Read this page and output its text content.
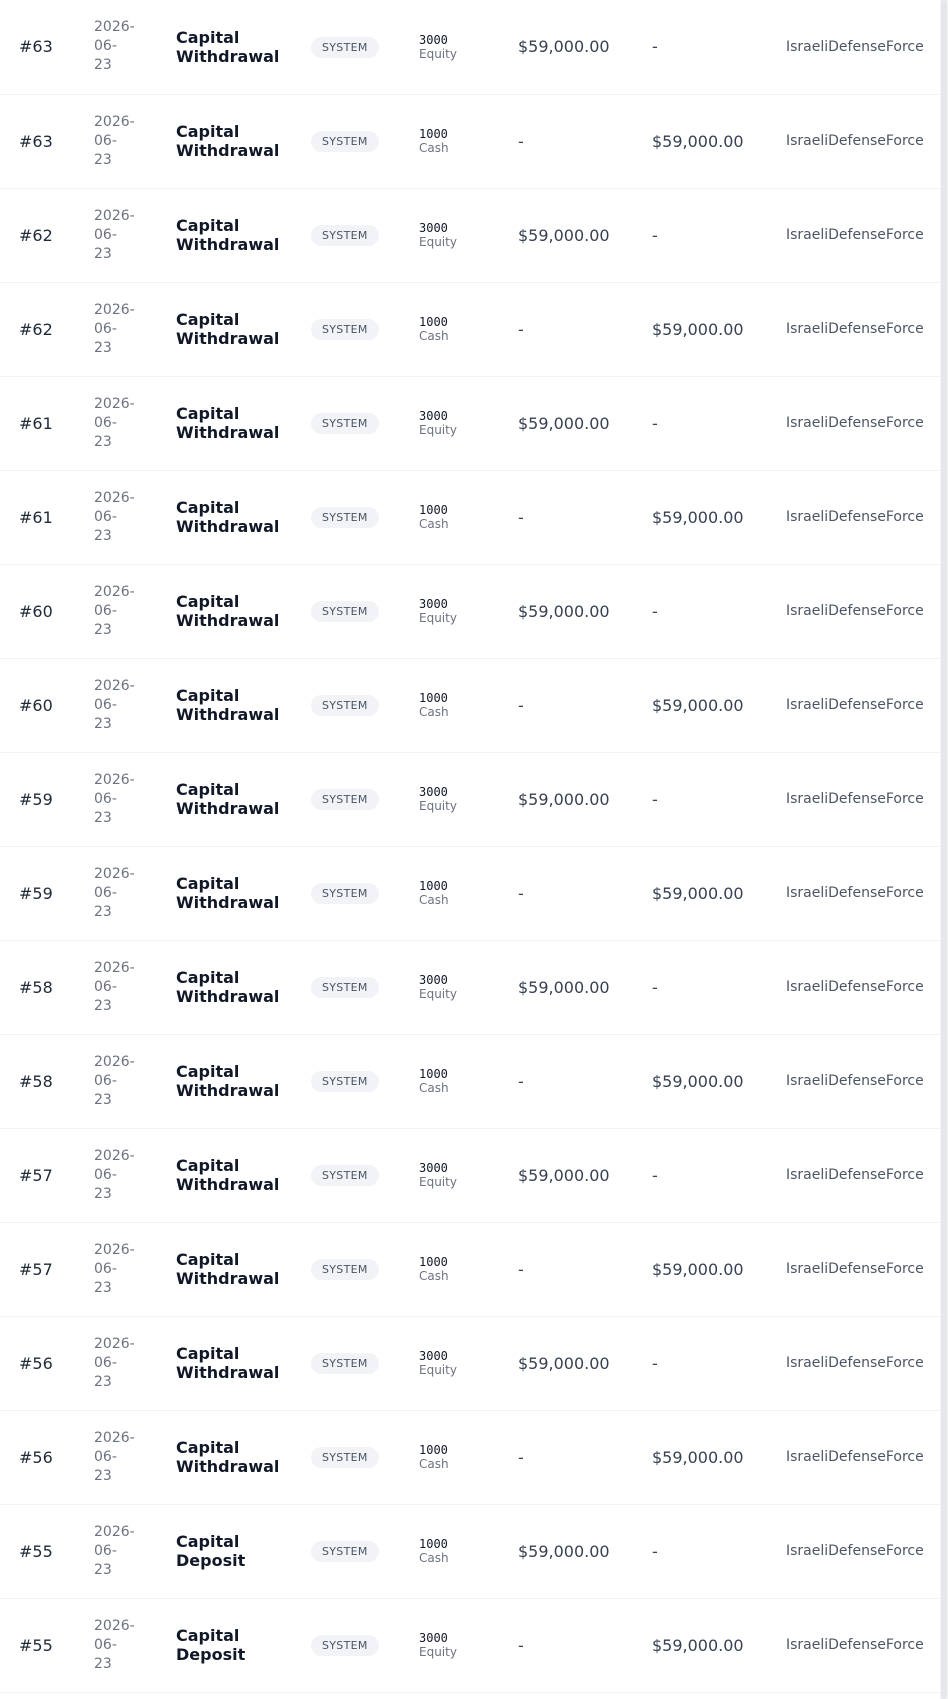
#63	2026-
06-
23	Capital
Withdrawal	SYSTEM	3000
Equity	$59,000.00	-	IsraeliDefenseForce
#63	2026-
06-
23	Capital
Withdrawal	SYSTEM	1000
Cash	-	$59,000.00	IsraeliDefenseForce
#62	2026-
06-
23	Capital
Withdrawal	SYSTEM	3000
Equity	$59,000.00	-	IsraeliDefenseForce
#62	2026-
06-
23	Capital
Withdrawal	SYSTEM	1000
Cash	-	$59,000.00	IsraeliDefenseForce
#61	2026-
06-
23	Capital
Withdrawal	SYSTEM	3000
Equity	$59,000.00	-	IsraeliDefenseForce
#61	2026-
06-
23	Capital
Withdrawal	SYSTEM	1000
Cash	-	$59,000.00	IsraeliDefenseForce
#60	2026-
06-
23	Capital
Withdrawal	SYSTEM	3000
Equity	$59,000.00	-	IsraeliDefenseForce
#60	2026-
06-
23	Capital
Withdrawal	SYSTEM	1000
Cash	-	$59,000.00	IsraeliDefenseForce
#59	2026-
06-
23	Capital
Withdrawal	SYSTEM	3000
Equity	$59,000.00	-	IsraeliDefenseForce
#59	2026-
06-
23	Capital
Withdrawal	SYSTEM	1000
Cash	-	$59,000.00	IsraeliDefenseForce
#58	2026-
06-
23	Capital
Withdrawal	SYSTEM	3000
Equity	$59,000.00	-	IsraeliDefenseForce
#58	2026-
06-
23	Capital
Withdrawal	SYSTEM	1000
Cash	-	$59,000.00	IsraeliDefenseForce
#57	2026-
06-
23	Capital
Withdrawal	SYSTEM	3000
Equity	$59,000.00	-	IsraeliDefenseForce
#57	2026-
06-
23	Capital
Withdrawal	SYSTEM	1000
Cash	-	$59,000.00	IsraeliDefenseForce
#56	2026-
06-
23	Capital
Withdrawal	SYSTEM	3000
Equity	$59,000.00	-	IsraeliDefenseForce
#56	2026-
06-
23	Capital
Withdrawal	SYSTEM	1000
Cash	-	$59,000.00	IsraeliDefenseForce
#55	2026-
06-
23	Capital
Deposit	SYSTEM	1000
Cash	$59,000.00	-	IsraeliDefenseForce
#55	2026-
06-
23	Capital
Deposit	SYSTEM	3000
Equity	-	$59,000.00	IsraeliDefenseForce
